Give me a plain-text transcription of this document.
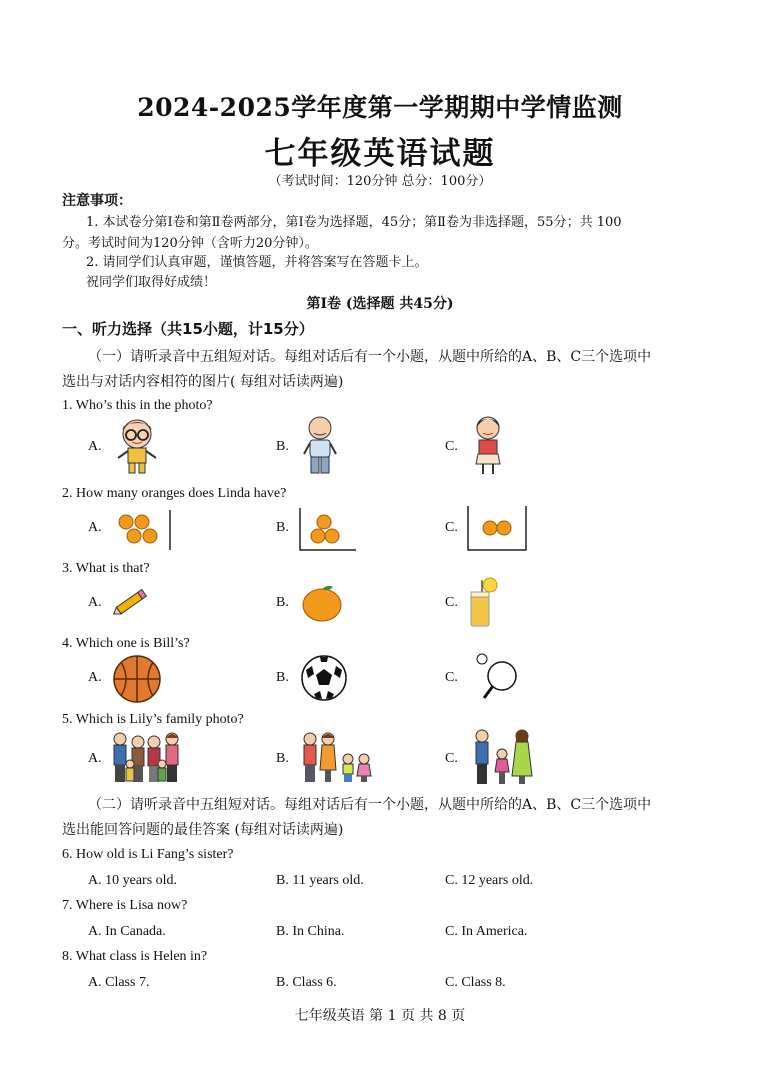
2024-2025学年度第一学期期中学情监测
七年级英语试题
（考试时间：120分钟 总分：100分）
注意事项：
1. 本试卷分第Ⅰ卷和第Ⅱ卷两部分，第Ⅰ卷为选择题，45分；第Ⅱ卷为非选择题，55分；共 100
分。考试时间为120分钟（含听力20分钟）。
2. 请同学们认真审题，谨慎答题，并将答案写在答题卡上。
祝同学们取得好成绩！
第Ⅰ卷 (选择题 共45分)
一、听力选择（共15小题，计15分）
（一）请听录音中五组短对话。每组对话后有一个小题，从题中所给的A、B、C三个选项中
选出与对话内容相符的图片( 每组对话读两遍)
1. Who’s this in the photo?
A.	B.	C.
2. How many oranges does Linda have?
A.	B.	C.
3. What is that?
A.	B.	C.
4. Which one is Bill’s?
A.	B.	C.
5. Which is Lily’s family photo?
A.	B.	C.
（二）请听录音中五组短对话。每组对话后有一个小题，从题中所给的A、B、C三个选项中
选出能回答问题的最佳答案 (每组对话读两遍)
6. How old is Li Fang’s sister?
A. 10 years old.	B. 11 years old.	C. 12 years old.
7. Where is Lisa now?
A. In Canada.	B. In China.	C. In America.
8. What class is Helen in?
A. Class 7.	B. Class 6.	C. Class 8.
七年级英语 第 1 页 共 8 页
